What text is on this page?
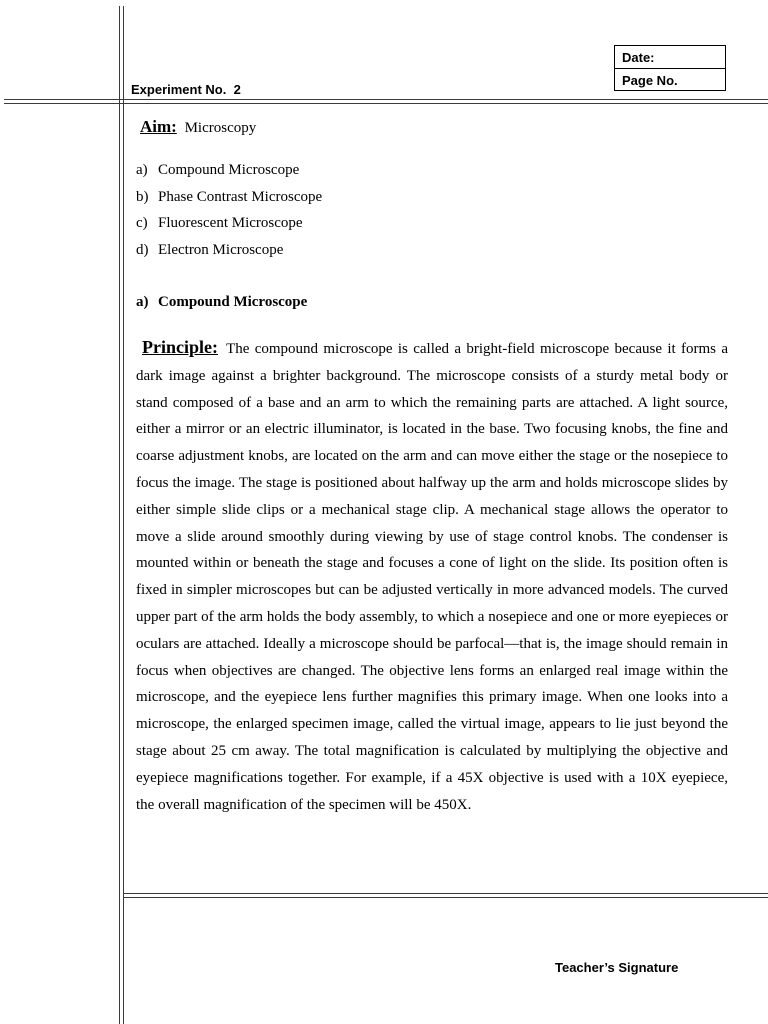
Date:
Page No.
Experiment No.  2
Aim: Microscopy
a) Compound Microscope
b) Phase Contrast Microscope
c) Fluorescent Microscope
d) Electron Microscope
a) Compound Microscope

Principle: The compound microscope is called a bright-field microscope because it forms a dark image against a brighter background. The microscope consists of a sturdy metal body or stand composed of a base and an arm to which the remaining parts are attached. A light source, either a mirror or an electric illuminator, is located in the base. Two focusing knobs, the fine and coarse adjustment knobs, are located on the arm and can move either the stage or the nosepiece to focus the image. The stage is positioned about halfway up the arm and holds microscope slides by either simple slide clips or a mechanical stage clip. A mechanical stage allows the operator to move a slide around smoothly during viewing by use of stage control knobs. The condenser is mounted within or beneath the stage and focuses a cone of light on the slide. Its position often is fixed in simpler microscopes but can be adjusted vertically in more advanced models. The curved upper part of the arm holds the body assembly, to which a nosepiece and one or more eyepieces or oculars are attached. Ideally a microscope should be parfocal—that is, the image should remain in focus when objectives are changed. The objective lens forms an enlarged real image within the microscope, and the eyepiece lens further magnifies this primary image. When one looks into a microscope, the enlarged specimen image, called the virtual image, appears to lie just beyond the stage about 25 cm away. The total magnification is calculated by multiplying the objective and eyepiece magnifications together. For example, if a 45X objective is used with a 10X eyepiece, the overall magnification of the specimen will be 450X.

Teacher’s Signature
